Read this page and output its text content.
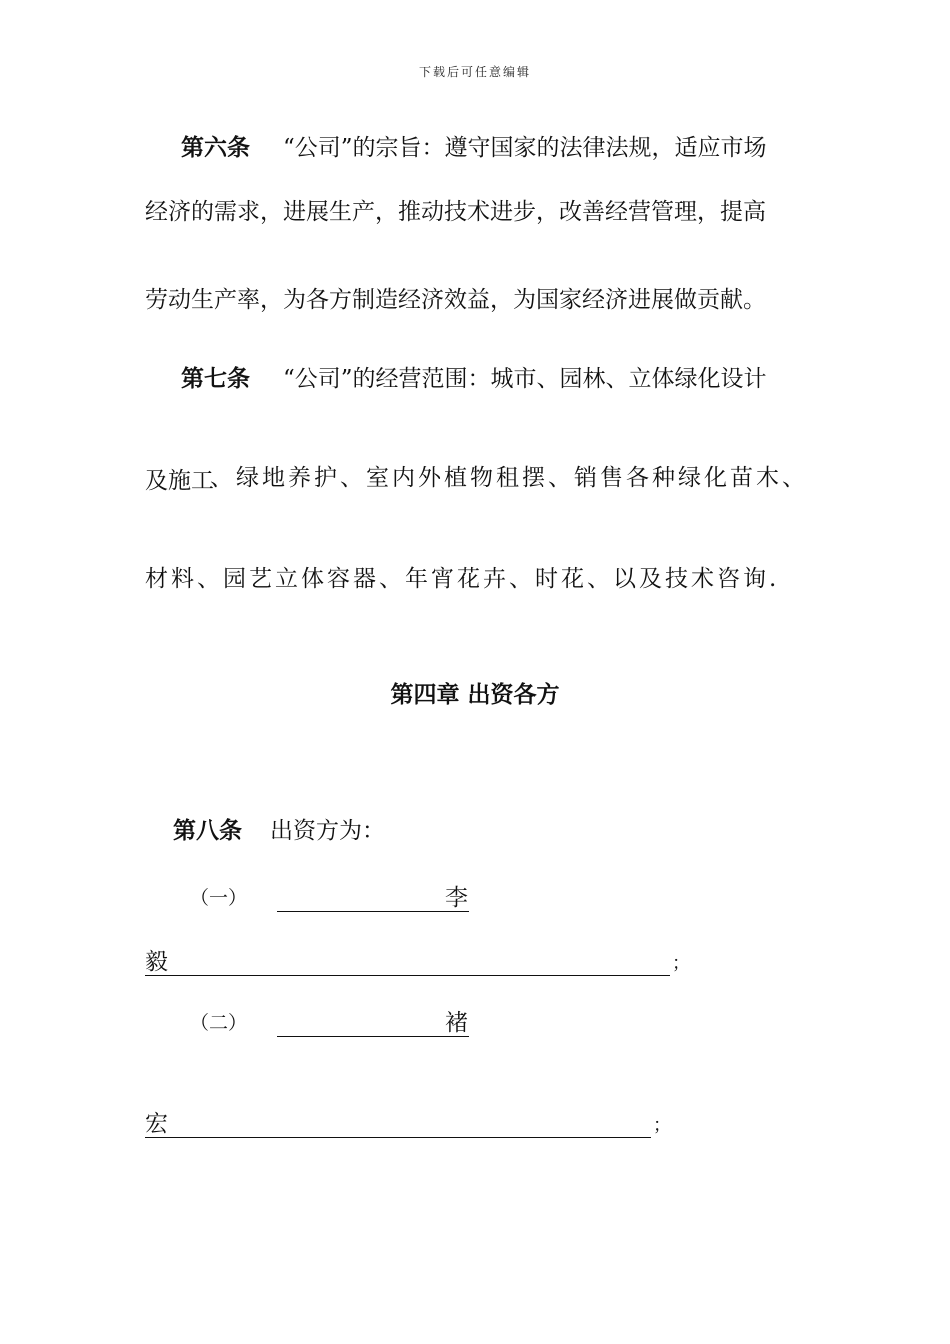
下载后可任意编辑
第六条 “公司”的宗旨：遵守国家的法律法规，适应市场
经济的需求，进展生产，推动技术进步，改善经营管理，提高
劳动生产率，为各方制造经济效益，为国家经济进展做贡献。
第七条 “公司”的经营范围：城市、园林、立体绿化设计
及施工
、绿地养护、室内外植物租摆、销售各种绿化苗木、
材料、园艺立体容器、年宵花卉、时花、以及技术咨询.
第四章 出资各方
第八条 出资方为：
（一）	李
毅	；
（二）	褚
宏	；
